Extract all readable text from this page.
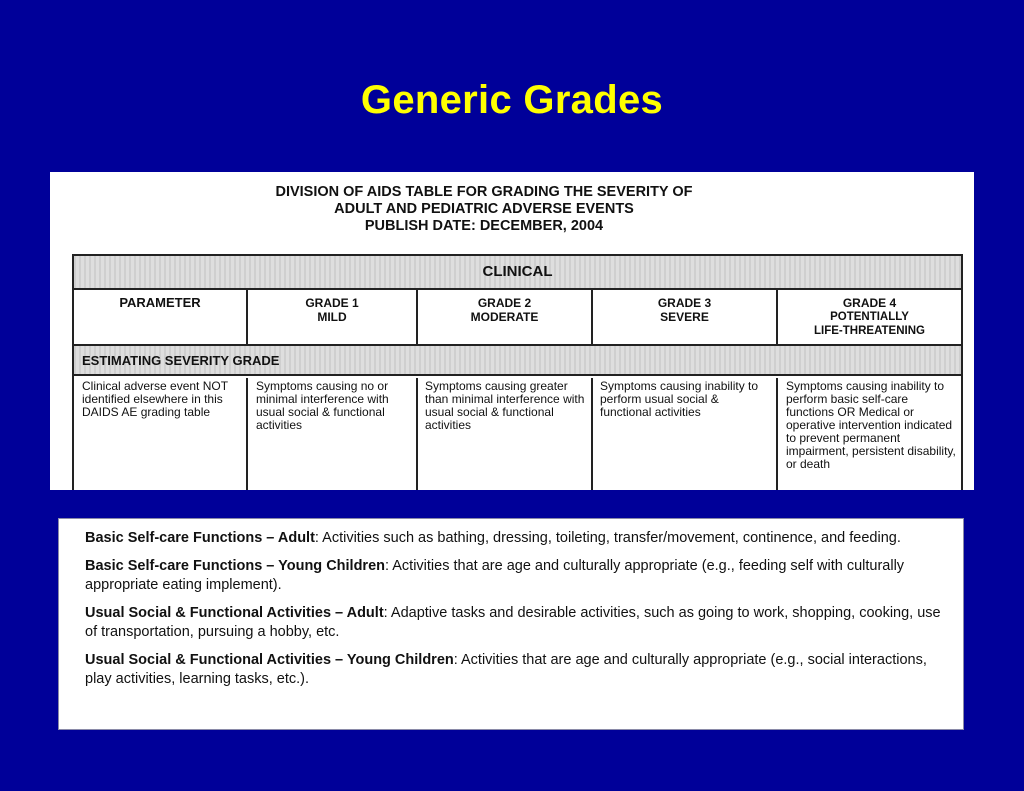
Generic Grades
DIVISION OF AIDS TABLE FOR GRADING THE SEVERITY OF
ADULT AND PEDIATRIC ADVERSE EVENTS
PUBLISH DATE: DECEMBER, 2004
CLINICAL
PARAMETER	GRADE 1
MILD
GRADE 2
MODERATE
GRADE 3
SEVERE
GRADE 4
POTENTIALLY
LIFE-THREATENING
ESTIMATING SEVERITY GRADE
Clinical adverse event NOT identified elsewhere in this DAIDS AE grading table
Symptoms causing no or minimal interference with usual social & functional activities
Symptoms causing greater than minimal interference with usual social & functional activities
Symptoms causing inability to perform usual social & functional activities
Symptoms causing inability to perform basic self-care functions OR Medical or operative intervention indicated to prevent permanent impairment, persistent disability, or death

Basic Self-care Functions – Adult: Activities such as bathing, dressing, toileting, transfer/movement, continence, and feeding.

Basic Self-care Functions – Young Children: Activities that are age and culturally appropriate (e.g., feeding self with culturally appropriate eating implement).

Usual Social & Functional Activities – Adult: Adaptive tasks and desirable activities, such as going to work, shopping, cooking, use of transportation, pursuing a hobby, etc.

Usual Social & Functional Activities – Young Children: Activities that are age and culturally appropriate (e.g., social interactions, play activities, learning tasks, etc.).
